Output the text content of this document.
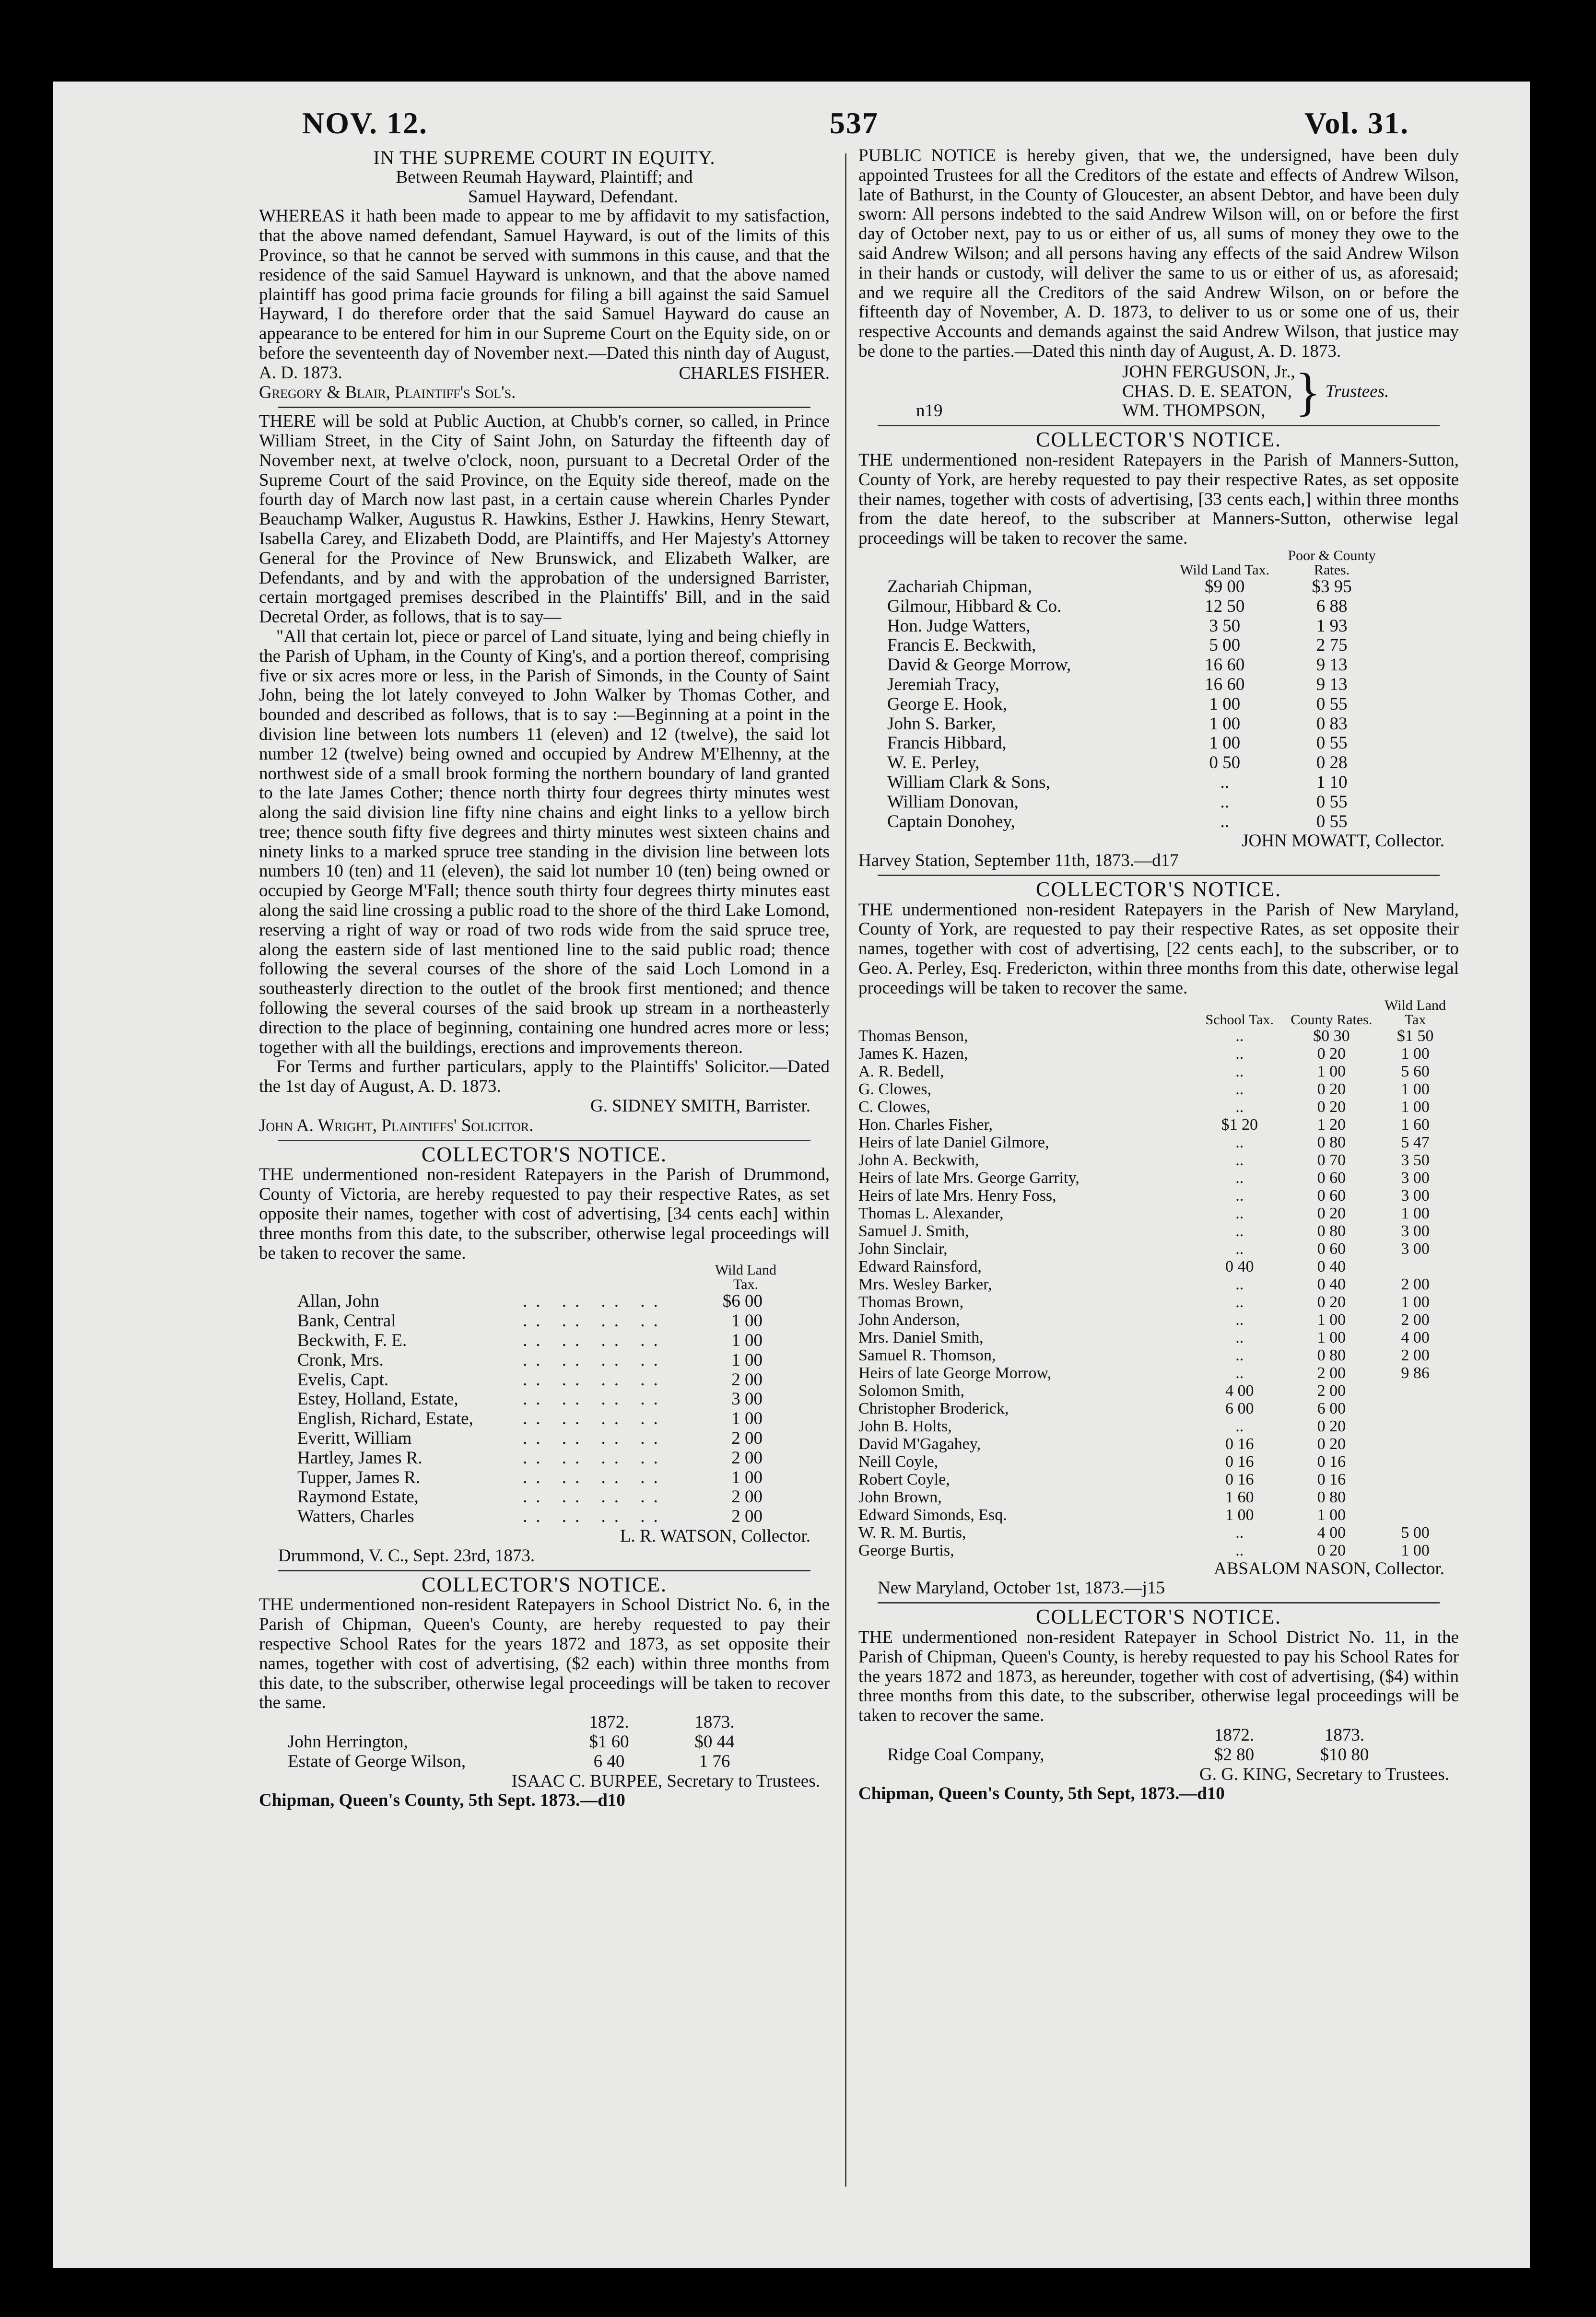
NOV. 12.	537	Vol. 31.
IN THE SUPREME COURT IN EQUITY.

Between Reumah Hayward, Plaintiff; and

Samuel Hayward, Defendant.

WHEREAS it hath been made to appear to me by affidavit to my satisfaction, that the above named defendant, Samuel Hayward, is out of the limits of this Province, so that he cannot be served with summons in this cause, and that the residence of the said Samuel Hayward is unknown, and that the above named plaintiff has good prima facie grounds for filing a bill against the said Samuel Hayward, I do therefore order that the said Samuel Hayward do cause an appearance to be entered for him in our Supreme Court on the Equity side, on or before the seventeenth day of November next.—Dated this ninth day of August, A. D. 1873.	CHARLES FISHER.

Gregory & Blair, Plaintiff's Sol's.

THERE will be sold at Public Auction, at Chubb's corner, so called, in Prince William Street, in the City of Saint John, on Saturday the fifteenth day of November next, at twelve o'clock, noon, pursuant to a Decretal Order of the Supreme Court of the said Province, on the Equity side thereof, made on the fourth day of March now last past, in a certain cause wherein Charles Pynder Beauchamp Walker, Augustus R. Hawkins, Esther J. Hawkins, Henry Stewart, Isabella Carey, and Elizabeth Dodd, are Plaintiffs, and Her Majesty's Attorney General for the Province of New Brunswick, and Elizabeth Walker, are Defendants, and by and with the approbation of the undersigned Barrister, certain mortgaged premises described in the Plaintiffs' Bill, and in the said Decretal Order, as follows, that is to say—

"All that certain lot, piece or parcel of Land situate, lying and being chiefly in the Parish of Upham, in the County of King's, and a portion thereof, comprising five or six acres more or less, in the Parish of Simonds, in the County of Saint John, being the lot lately conveyed to John Walker by Thomas Cother, and bounded and described as follows, that is to say :—Beginning at a point in the division line between lots numbers 11 (eleven) and 12 (twelve), the said lot number 12 (twelve) being owned and occupied by Andrew M'Elhenny, at the northwest side of a small brook forming the northern boundary of land granted to the late James Cother; thence north thirty four degrees thirty minutes west along the said division line fifty nine chains and eight links to a yellow birch tree; thence south fifty five degrees and thirty minutes west sixteen chains and ninety links to a marked spruce tree standing in the division line between lots numbers 10 (ten) and 11 (eleven), the said lot number 10 (ten) being owned or occupied by George M'Fall; thence south thirty four degrees thirty minutes east along the said line crossing a public road to the shore of the third Lake Lomond, reserving a right of way or road of two rods wide from the said spruce tree, along the eastern side of last mentioned line to the said public road; thence following the several courses of the shore of the said Loch Lomond in a southeasterly direction to the outlet of the brook first mentioned; and thence following the several courses of the said brook up stream in a northeasterly direction to the place of beginning, containing one hundred acres more or less; together with all the buildings, erections and improvements thereon.

For Terms and further particulars, apply to the Plaintiffs' Solicitor.—Dated the 1st day of August, A. D. 1873.

G. SIDNEY SMITH, Barrister.

John A. Wright, Plaintiffs' Solicitor.

COLLECTOR'S NOTICE.

THE undermentioned non-resident Ratepayers in the Parish of Drummond, County of Victoria, are hereby requested to pay their respective Rates, as set opposite their names, together with cost of advertising, [34 cents each] within three months from this date, to the subscriber, otherwise legal proceedings will be taken to recover the same.

		Wild Land Tax.
Allan, John	.. .. .. ..	$6 00
Bank, Central	.. .. .. ..	1 00
Beckwith, F. E.	.. .. .. ..	1 00
Cronk, Mrs.	.. .. .. ..	1 00
Evelis, Capt.	.. .. .. ..	2 00
Estey, Holland, Estate,	.. .. .. ..	3 00
English, Richard, Estate,	.. .. .. ..	1 00
Everitt, William	.. .. .. ..	2 00
Hartley, James R.	.. .. .. ..	2 00
Tupper, James R.	.. .. .. ..	1 00
Raymond Estate,	.. .. .. ..	2 00
Watters, Charles	.. .. .. ..	2 00

L. R. WATSON, Collector.

Drummond, V. C., Sept. 23rd, 1873.

COLLECTOR'S NOTICE.

THE undermentioned non-resident Ratepayers in School District No. 6, in the Parish of Chipman, Queen's County, are hereby requested to pay their respective School Rates for the years 1872 and 1873, as set opposite their names, together with cost of advertising, ($2 each) within three months from this date, to the subscriber, otherwise legal proceedings will be taken to recover the same.

	1872.	1873.
John Herrington,	$1 60	$0 44
Estate of George Wilson,	6 40	1 76

ISAAC C. BURPEE, Secretary to Trustees.

Chipman, Queen's County, 5th Sept. 1873.—d10

PUBLIC NOTICE is hereby given, that we, the undersigned, have been duly appointed Trustees for all the Creditors of the estate and effects of Andrew Wilson, late of Bathurst, in the County of Gloucester, an absent Debtor, and have been duly sworn: All persons indebted to the said Andrew Wilson will, on or before the first day of October next, pay to us or either of us, all sums of money they owe to the said Andrew Wilson; and all persons having any effects of the said Andrew Wilson in their hands or custody, will deliver the same to us or either of us, as aforesaid; and we require all the Creditors of the said Andrew Wilson, on or before the fifteenth day of November, A. D. 1873, to deliver to us or some one of us, their respective Accounts and demands against the said Andrew Wilson, that justice may be done to the parties.—Dated this ninth day of August, A. D. 1873.

n19
JOHN FERGUSON, Jr.,
CHAS. D. E. SEATON,
WM. THOMPSON, } Trustees.
COLLECTOR'S NOTICE.

THE undermentioned non-resident Ratepayers in the Parish of Manners-Sutton, County of York, are hereby requested to pay their respective Rates, as set opposite their names, together with costs of advertising, [33 cents each,] within three months from the date hereof, to the subscriber at Manners-Sutton, otherwise legal proceedings will be taken to recover the same.

	Wild Land Tax.	Poor & County Rates.
Zachariah Chipman,	$9 00	$3 95
Gilmour, Hibbard & Co.	12 50	6 88
Hon. Judge Watters,	3 50	1 93
Francis E. Beckwith,	5 00	2 75
David & George Morrow,	16 60	9 13
Jeremiah Tracy,	16 60	9 13
George E. Hook,	1 00	0 55
John S. Barker,	1 00	0 83
Francis Hibbard,	1 00	0 55
W. E. Perley,	0 50	0 28
William Clark & Sons,	..	1 10
William Donovan,	..	0 55
Captain Donohey,	..	0 55

JOHN MOWATT, Collector.

Harvey Station, September 11th, 1873.—d17

COLLECTOR'S NOTICE.

THE undermentioned non-resident Ratepayers in the Parish of New Maryland, County of York, are requested to pay their respective Rates, as set opposite their names, together with cost of advertising, [22 cents each], to the subscriber, or to Geo. A. Perley, Esq. Fredericton, within three months from this date, otherwise legal proceedings will be taken to recover the same.

	School Tax.	County Rates.	Wild Land Tax
Thomas Benson,	..	$0 30	$1 50
James K. Hazen,	..	0 20	1 00
A. R. Bedell,	..	1 00	5 60
G. Clowes,	..	0 20	1 00
C. Clowes,	..	0 20	1 00
Hon. Charles Fisher,	$1 20	1 20	1 60
Heirs of late Daniel Gilmore,	..	0 80	5 47
John A. Beckwith,	..	0 70	3 50
Heirs of late Mrs. George Garrity,	..	0 60	3 00
Heirs of late Mrs. Henry Foss,	..	0 60	3 00
Thomas L. Alexander,	..	0 20	1 00
Samuel J. Smith,	..	0 80	3 00
John Sinclair,	..	0 60	3 00
Edward Rainsford,	0 40	0 40	
Mrs. Wesley Barker,	..	0 40	2 00
Thomas Brown,	..	0 20	1 00
John Anderson,	..	1 00	2 00
Mrs. Daniel Smith,	..	1 00	4 00
Samuel R. Thomson,	..	0 80	2 00
Heirs of late George Morrow,	..	2 00	9 86
Solomon Smith,	4 00	2 00	
Christopher Broderick,	6 00	6 00	
John B. Holts,	..	0 20	
David M'Gagahey,	0 16	0 20	
Neill Coyle,	0 16	0 16	
Robert Coyle,	0 16	0 16	
John Brown,	1 60	0 80	
Edward Simonds, Esq.	1 00	1 00	
W. R. M. Burtis,	..	4 00	5 00
George Burtis,	..	0 20	1 00

ABSALOM NASON, Collector.

New Maryland, October 1st, 1873.—j15

COLLECTOR'S NOTICE.

THE undermentioned non-resident Ratepayer in School District No. 11, in the Parish of Chipman, Queen's County, is hereby requested to pay his School Rates for the years 1872 and 1873, as hereunder, together with cost of advertising, ($4) within three months from this date, to the subscriber, otherwise legal proceedings will be taken to recover the same.

	1872.	1873.
Ridge Coal Company,	$2 80	$10 80

G. G. KING, Secretary to Trustees.

Chipman, Queen's County, 5th Sept, 1873.—d10
